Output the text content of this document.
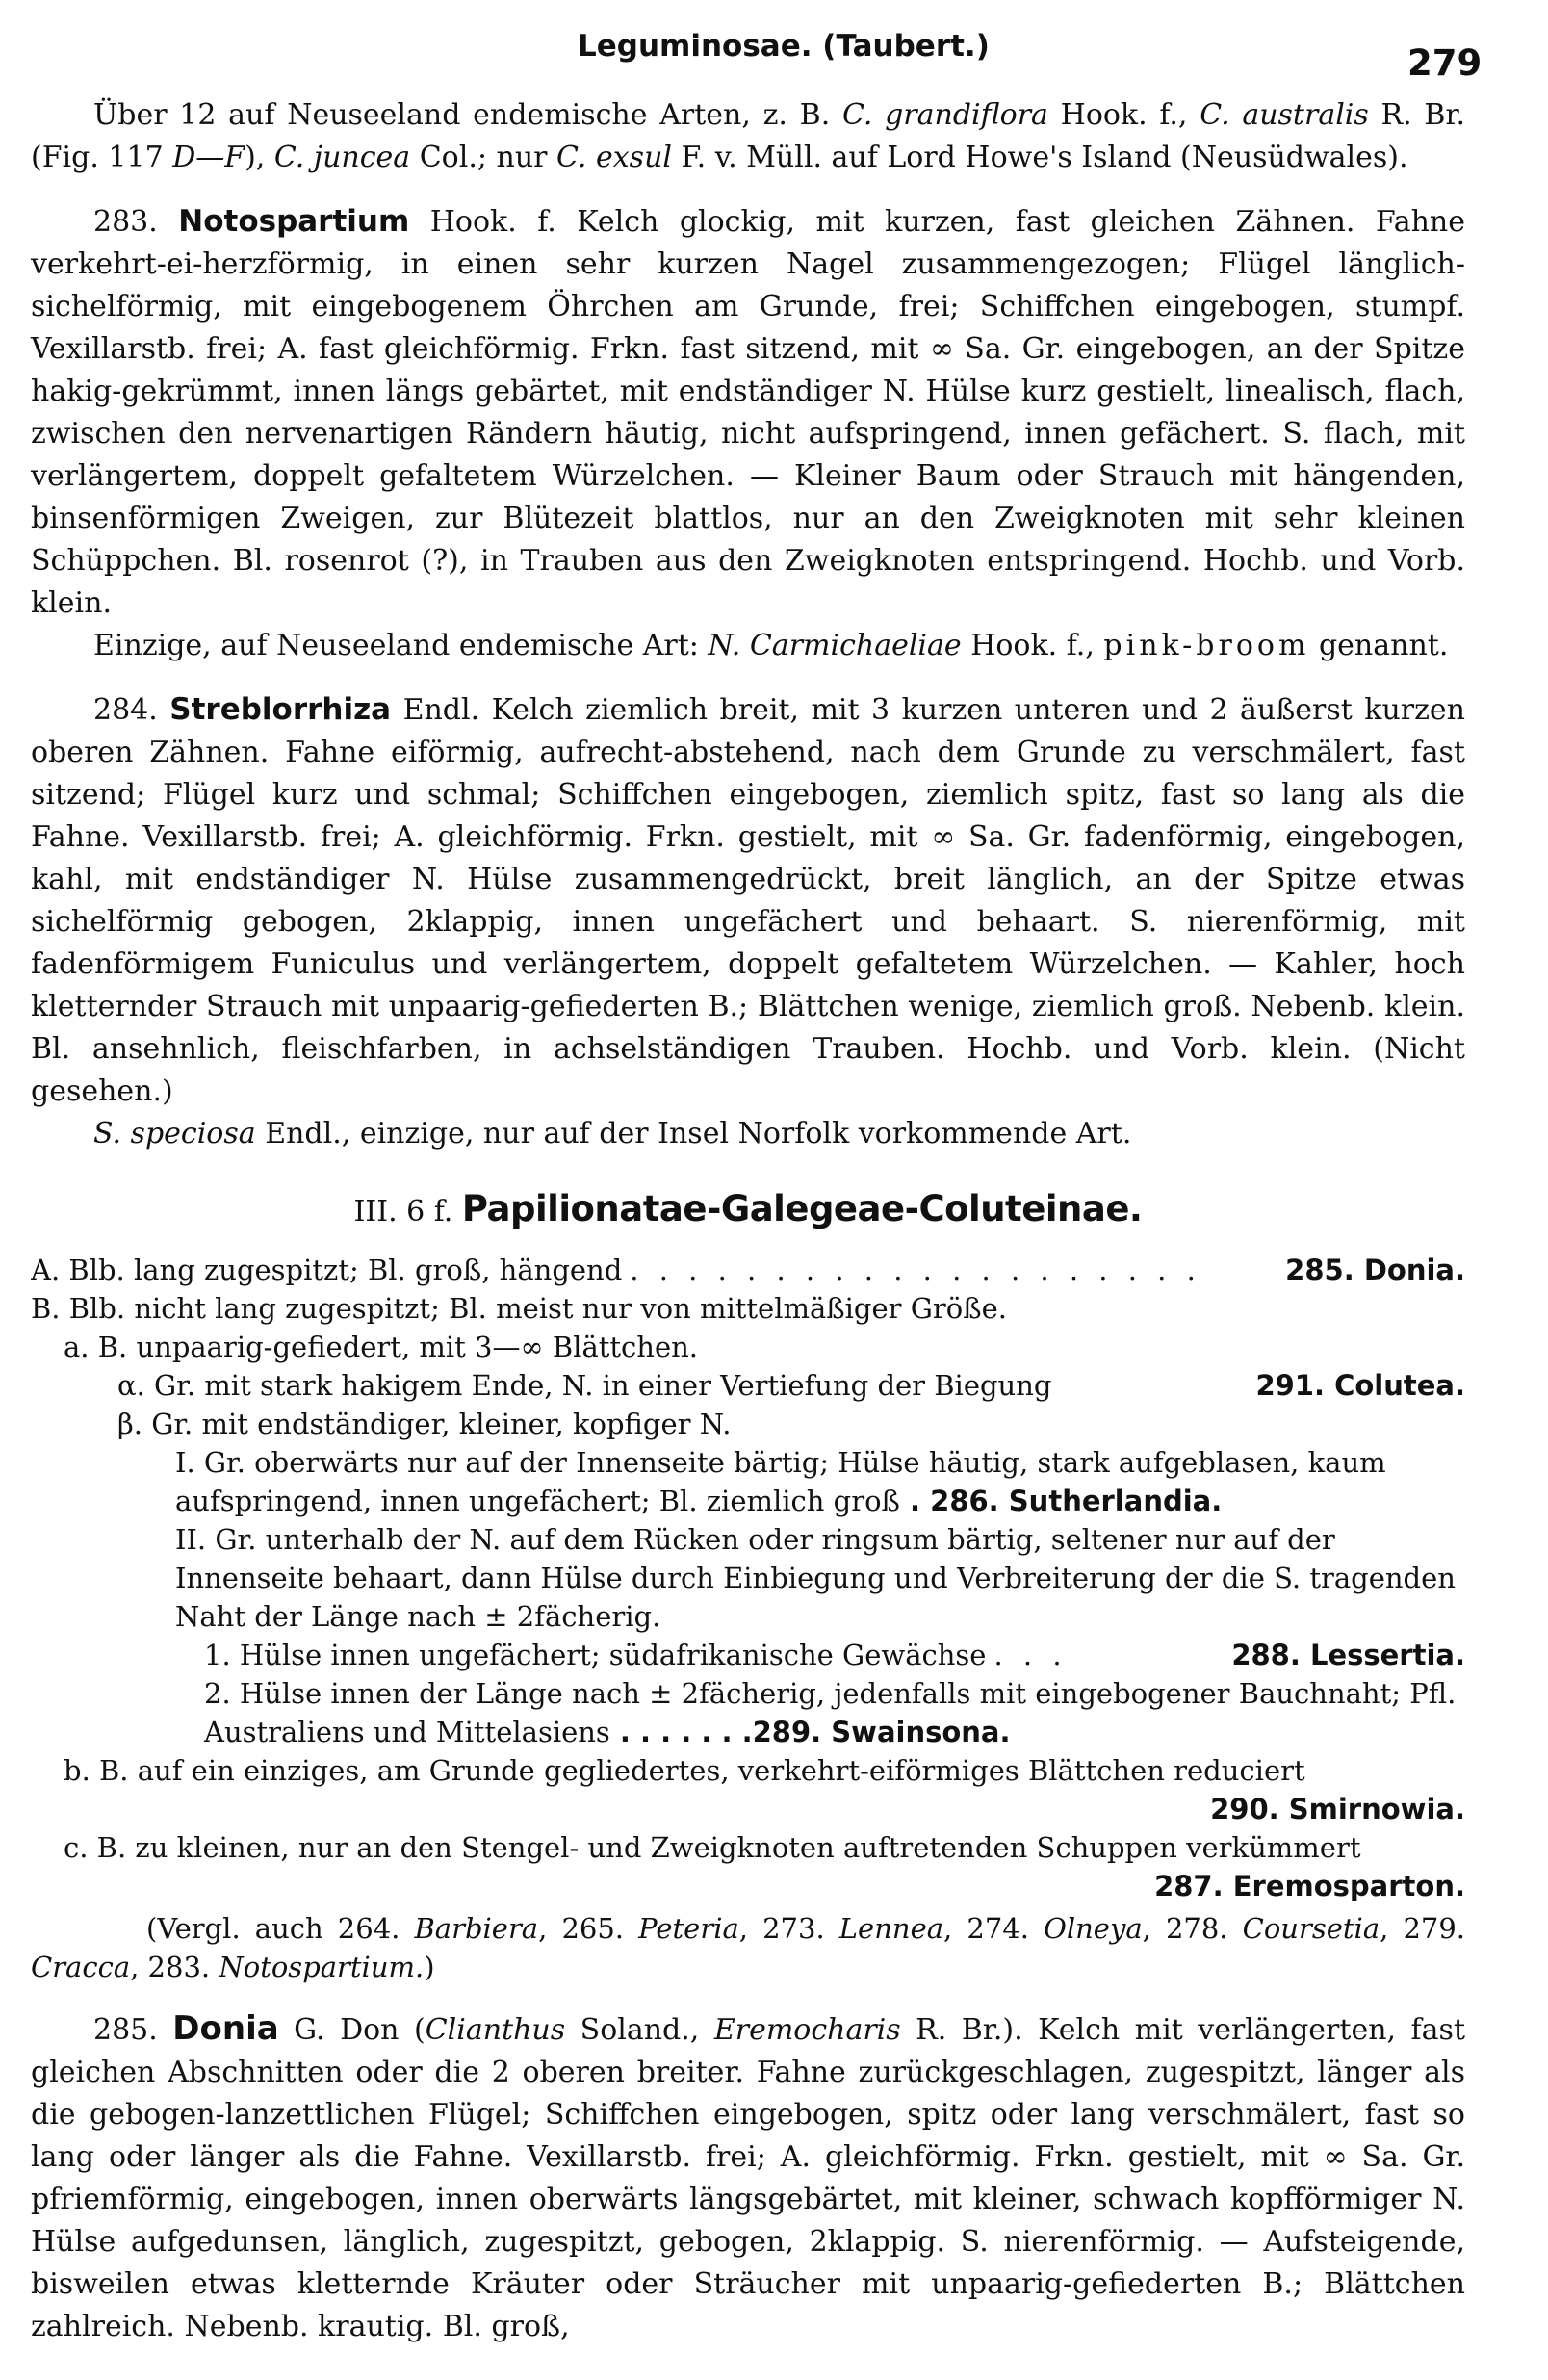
Leguminosae. (Taubert.)	279

Über 12 auf Neuseeland endemische Arten, z. B. C. grandiflora Hook. f., C. australis R. Br. (Fig. 117 D—F), C. juncea Col.; nur C. exsul F. v. Müll. auf Lord Howe's Island (Neusüdwales).

283. Notospartium Hook. f. Kelch glockig, mit kurzen, fast gleichen Zähnen. Fahne verkehrt-ei-herzförmig, in einen sehr kurzen Nagel zusammengezogen; Flügel länglich-sichelförmig, mit eingebogenem Öhrchen am Grunde, frei; Schiffchen eingebogen, stumpf. Vexillarstb. frei; A. fast gleichförmig. Frkn. fast sitzend, mit ∞ Sa. Gr. eingebogen, an der Spitze hakig-gekrümmt, innen längs gebärtet, mit endständiger N. Hülse kurz gestielt, linealisch, flach, zwischen den nervenartigen Rändern häutig, nicht aufspringend, innen gefächert. S. flach, mit verlängertem, doppelt gefaltetem Würzelchen. — Kleiner Baum oder Strauch mit hängenden, binsenförmigen Zweigen, zur Blütezeit blattlos, nur an den Zweigknoten mit sehr kleinen Schüppchen. Bl. rosenrot (?), in Trauben aus den Zweigknoten entspringend. Hochb. und Vorb. klein.

Einzige, auf Neuseeland endemische Art: N. Carmichaeliae Hook. f., pink-broom genannt.

284. Streblorrhiza Endl. Kelch ziemlich breit, mit 3 kurzen unteren und 2 äußerst kurzen oberen Zähnen. Fahne eiförmig, aufrecht-abstehend, nach dem Grunde zu verschmälert, fast sitzend; Flügel kurz und schmal; Schiffchen eingebogen, ziemlich spitz, fast so lang als die Fahne. Vexillarstb. frei; A. gleichförmig. Frkn. gestielt, mit ∞ Sa. Gr. fadenförmig, eingebogen, kahl, mit endständiger N. Hülse zusammengedrückt, breit länglich, an der Spitze etwas sichelförmig gebogen, 2klappig, innen ungefächert und behaart. S. nierenförmig, mit fadenförmigem Funiculus und verlängertem, doppelt gefaltetem Würzelchen. — Kahler, hoch kletternder Strauch mit unpaarig-gefiederten B.; Blättchen wenige, ziemlich groß. Nebenb. klein. Bl. ansehnlich, fleischfarben, in achselständigen Trauben. Hochb. und Vorb. klein. (Nicht gesehen.)

S. speciosa Endl., einzige, nur auf der Insel Norfolk vorkommende Art.

III. 6 f. Papilionatae-Galegeae-Coluteinae.
A. Blb. lang zugespitzt; Bl. groß, hängend . . . . . . . . . . . . . . . . . . . .	285. Donia.
B. Blb. nicht lang zugespitzt; Bl. meist nur von mittelmäßiger Größe.
a. B. unpaarig-gefiedert, mit 3—∞ Blättchen.
α. Gr. mit stark hakigem Ende, N. in einer Vertiefung der Biegung	291. Colutea.
β. Gr. mit endständiger, kleiner, kopfiger N.
I. Gr. oberwärts nur auf der Innenseite bärtig; Hülse häutig, stark aufgeblasen, kaum aufspringend, innen ungefächert; Bl. ziemlich groß . 286. Sutherlandia.
II. Gr. unterhalb der N. auf dem Rücken oder ringsum bärtig, seltener nur auf der Innenseite behaart, dann Hülse durch Einbiegung und Verbreiterung der die S. tragenden Naht der Länge nach ± 2fächerig.
1. Hülse innen ungefächert; südafrikanische Gewächse . . .	288. Lessertia.
2. Hülse innen der Länge nach ± 2fächerig, jedenfalls mit eingebogener Bauchnaht; Pfl. Australiens und Mittelasiens . . . . . . .289. Swainsona.
b. B. auf ein einziges, am Grunde gegliedertes, verkehrt-eiförmiges Blättchen reduciert
290. Smirnowia.
c. B. zu kleinen, nur an den Stengel- und Zweigknoten auftretenden Schuppen verkümmert
287. Eremosparton.

(Vergl. auch 264. Barbiera, 265. Peteria, 273. Lennea, 274. Olneya, 278. Coursetia, 279. Cracca, 283. Notospartium.)

285. Donia G. Don (Clianthus Soland., Eremocharis R. Br.). Kelch mit verlängerten, fast gleichen Abschnitten oder die 2 oberen breiter. Fahne zurückgeschlagen, zugespitzt, länger als die gebogen-lanzettlichen Flügel; Schiffchen eingebogen, spitz oder lang verschmälert, fast so lang oder länger als die Fahne. Vexillarstb. frei; A. gleichförmig. Frkn. gestielt, mit ∞ Sa. Gr. pfriemförmig, eingebogen, innen oberwärts längsgebärtet, mit kleiner, schwach kopfförmiger N. Hülse aufgedunsen, länglich, zugespitzt, gebogen, 2klappig. S. nierenförmig. — Aufsteigende, bisweilen etwas kletternde Kräuter oder Sträucher mit unpaarig-gefiederten B.; Blättchen zahlreich. Nebenb. krautig. Bl. groß,
